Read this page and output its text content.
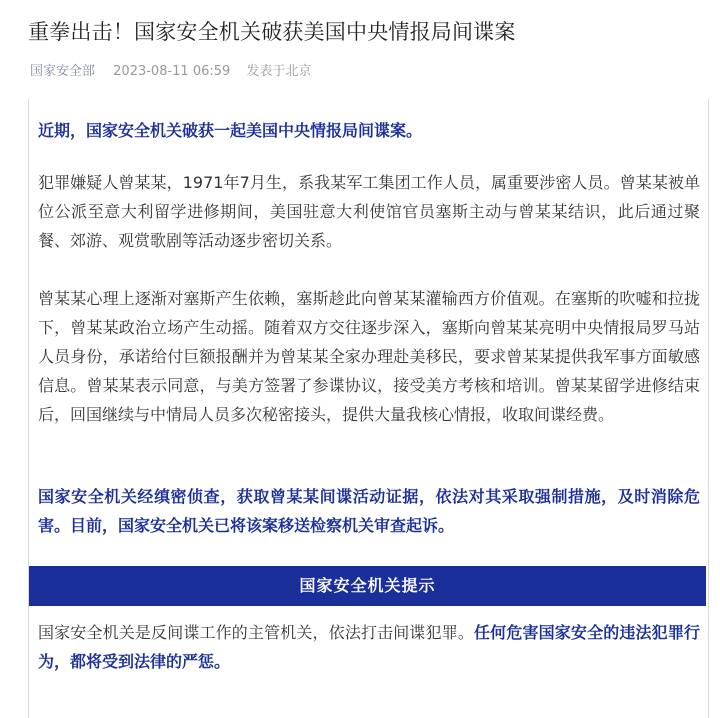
重拳出击！国家安全机关破获美国中央情报局间谍案
国家安全部 2023-08-11 06:59 发表于北京
近期，国家安全机关破获一起美国中央情报局间谍案。
犯罪嫌疑人曾某某，1971年7月生，系我某军工集团工作人员，属重要涉密人员。曾某某被单位公派至意大利留学进修期间，美国驻意大利使馆官员塞斯主动与曾某某结识，此后通过聚餐、郊游、观赏歌剧等活动逐步密切关系。
曾某某心理上逐渐对塞斯产生依赖，塞斯趁此向曾某某灌输西方价值观。在塞斯的吹嘘和拉拢下，曾某某政治立场产生动摇。随着双方交往逐步深入，塞斯向曾某某亮明中央情报局罗马站人员身份，承诺给付巨额报酬并为曾某某全家办理赴美移民，要求曾某某提供我军事方面敏感信息。曾某某表示同意，与美方签署了参谍协议，接受美方考核和培训。曾某某留学进修结束后，回国继续与中情局人员多次秘密接头，提供大量我核心情报，收取间谍经费。
国家安全机关经缜密侦查，获取曾某某间谍活动证据，依法对其采取强制措施，及时消除危害。目前，国家安全机关已将该案移送检察机关审查起诉。
国家安全机关提示
国家安全机关是反间谍工作的主管机关，依法打击间谍犯罪。任何危害国家安全的违法犯罪行为，都将受到法律的严惩。
